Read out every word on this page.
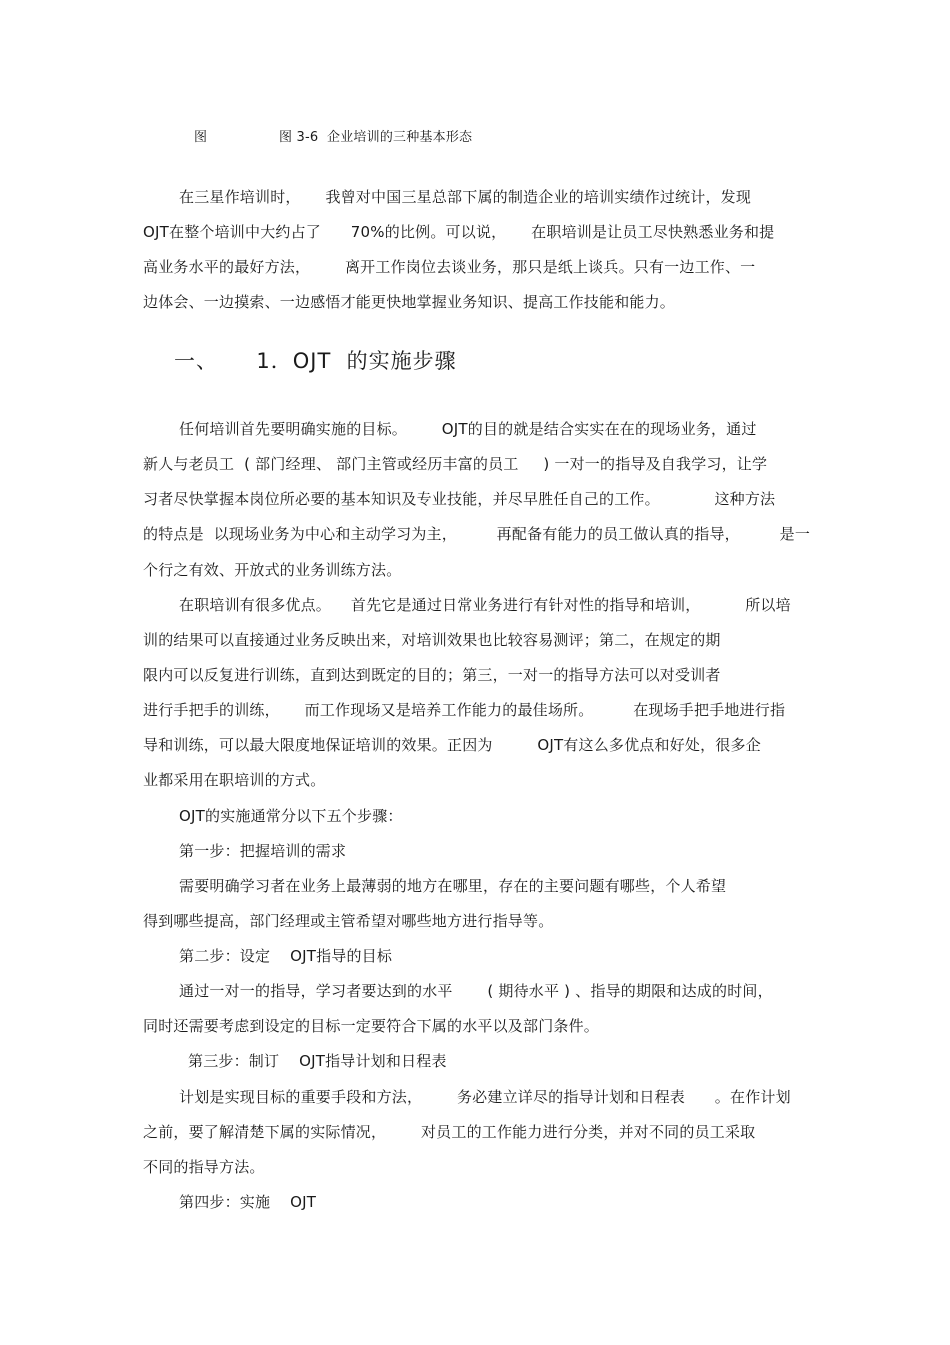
图	图 3-6  企业培训的三种基本形态
在三星作培训时，     我曾对中国三星总部下属的制造企业的培训实绩作过统计，发现
OJT在整个培训中大约占了      70%的比例。可以说，     在职培训是让员工尽快熟悉业务和提
高业务水平的最好方法，       离开工作岗位去谈业务，那只是纸上谈兵。只有一边工作、一
边体会、一边摸索、一边感悟才能更快地掌握业务知识、提高工作技能和能力。
一、     1．OJT  的实施步骤
任何培训首先要明确实施的目标。       OJT的目的就是结合实实在在的现场业务，通过
新人与老员工  ( 部门经理、 部门主管或经历丰富的员工     ) 一对一的指导及自我学习，让学
习者尽快掌握本岗位所必要的基本知识及专业技能，并尽早胜任自己的工作。           这种方法
的特点是  以现场业务为中心和主动学习为主，        再配备有能力的员工做认真的指导，        是一
个行之有效、开放式的业务训练方法。
在职培训有很多优点。    首先它是通过日常业务进行有针对性的指导和培训，         所以培
训的结果可以直接通过业务反映出来，对培训效果也比较容易测评；第二，在规定的期
限内可以反复进行训练，直到达到既定的目的；第三，一对一的指导方法可以对受训者
进行手把手的训练，     而工作现场又是培养工作能力的最佳场所。        在现场手把手地进行指
导和训练，可以最大限度地保证培训的效果。正因为         OJT有这么多优点和好处，很多企
业都采用在职培训的方式。
OJT的实施通常分以下五个步骤：
第一步：把握培训的需求
需要明确学习者在业务上最薄弱的地方在哪里，存在的主要问题有哪些，个人希望
得到哪些提高，部门经理或主管希望对哪些地方进行指导等。
第二步：设定    OJT指导的目标
通过一对一的指导，学习者要达到的水平       ( 期待水平 ) 、指导的期限和达成的时间，
同时还需要考虑到设定的目标一定要符合下属的水平以及部门条件。
第三步：制订    OJT指导计划和日程表
计划是实现目标的重要手段和方法，       务必建立详尽的指导计划和日程表      。在作计划
之前，要了解清楚下属的实际情况，       对员工的工作能力进行分类，并对不同的员工采取
不同的指导方法。
第四步：实施    OJT
